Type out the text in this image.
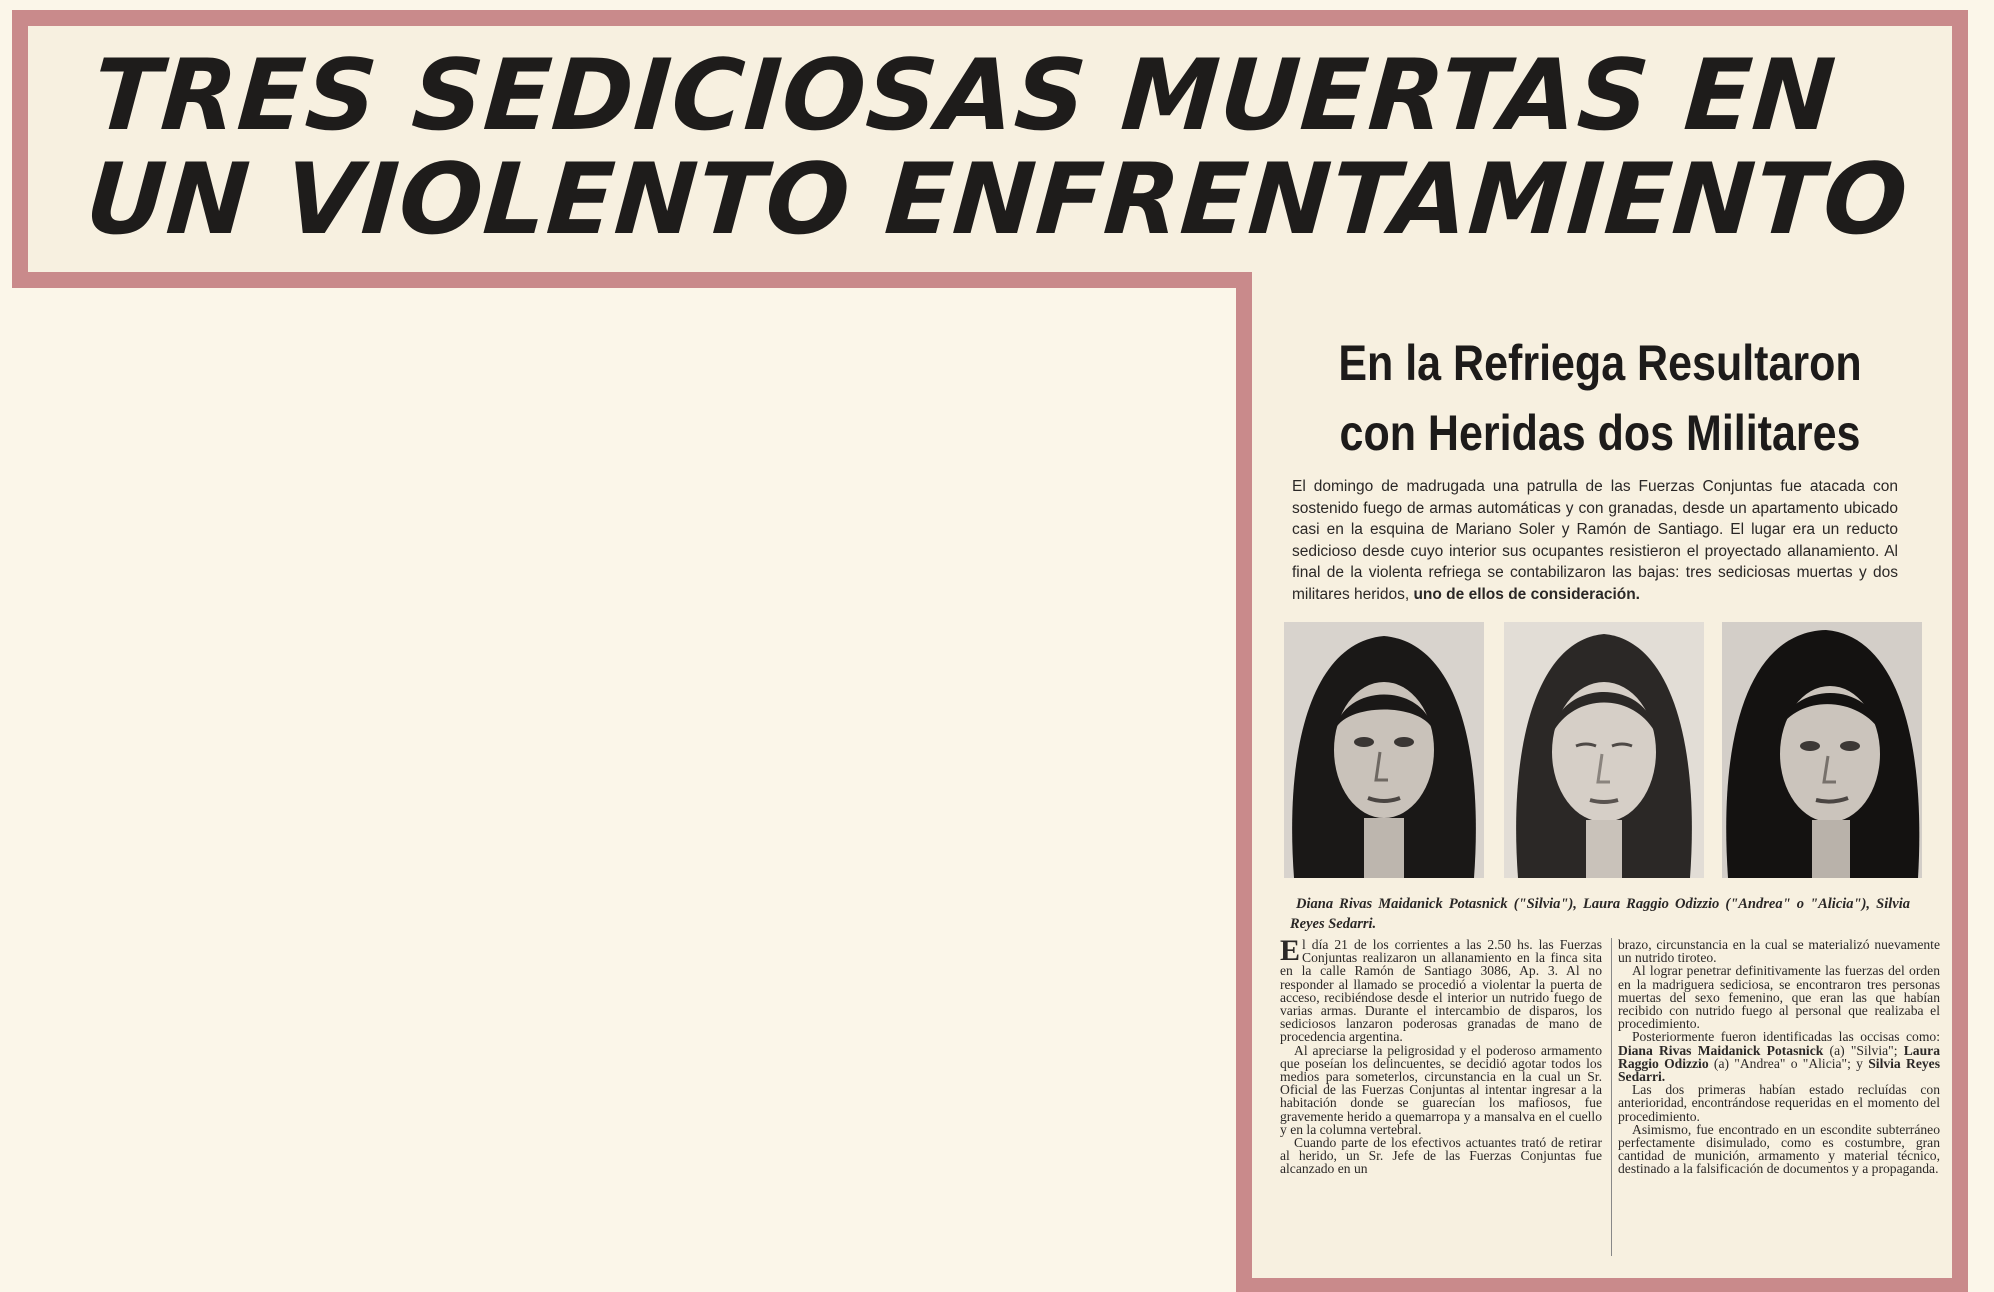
TRES SEDICIOSAS MUERTAS EN
UN VIOLENTO ENFRENTAMIENTO
En la Refriega Resultaron
con Heridas dos Militares

El domingo de madrugada una patrulla de las Fuerzas Conjuntas fue atacada con sostenido fuego de armas automáticas y con granadas, desde un apartamento ubicado casi en la esquina de Mariano Soler y Ramón de Santiago. El lugar era un reducto sedicioso desde cuyo interior sus ocupantes resistieron el proyectado allanamiento. Al final de la violenta refriega se contabilizaron las bajas: tres sediciosas muertas y dos militares heridos, uno de ellos de consideración.

Diana Rivas Maidanick Potasnick ("Silvia"), Laura Raggio Odizzio ("Andrea" o "Alicia"), Silvia Reyes Sedarri.

El día 21 de los corrientes a las 2.50 hs. las Fuerzas Conjuntas realizaron un allanamiento en la finca sita en la calle Ramón de Santiago 3086, Ap. 3. Al no responder al llamado se procedió a violentar la puerta de acceso, recibiéndose desde el interior un nutrido fuego de varias armas. Durante el intercambio de disparos, los sediciosos lanzaron poderosas granadas de mano de procedencia argentina.

Al apreciarse la peligrosidad y el poderoso armamento que poseían los delincuentes, se decidió agotar todos los medios para someterlos, circunstancia en la cual un Sr. Oficial de las Fuerzas Conjuntas al intentar ingresar a la habitación donde se guarecían los mafiosos, fue gravemente herido a quemarropa y a mansalva en el cuello y en la columna vertebral.

Cuando parte de los efectivos actuantes trató de retirar al herido, un Sr. Jefe de las Fuerzas Conjuntas fue alcanzado en un

brazo, circunstancia en la cual se materializó nuevamente un nutrido tiroteo.

Al lograr penetrar definitivamente las fuerzas del orden en la madriguera sediciosa, se encontraron tres personas muertas del sexo femenino, que eran las que habían recibido con nutrido fuego al personal que realizaba el procedimiento.

Posteriormente fueron identificadas las occisas como: Diana Rivas Maidanick Potasnick (a) "Silvia"; Laura Raggio Odizzio (a) "Andrea" o "Alicia"; y Silvia Reyes Sedarri.

Las dos primeras habían estado recluídas con anterioridad, encontrándose requeridas en el momento del procedimiento.

Asimismo, fue encontrado en un escondite subterráneo perfectamente disimulado, como es costumbre, gran cantidad de munición, armamento y material técnico, destinado a la falsificación de documentos y a propaganda.
